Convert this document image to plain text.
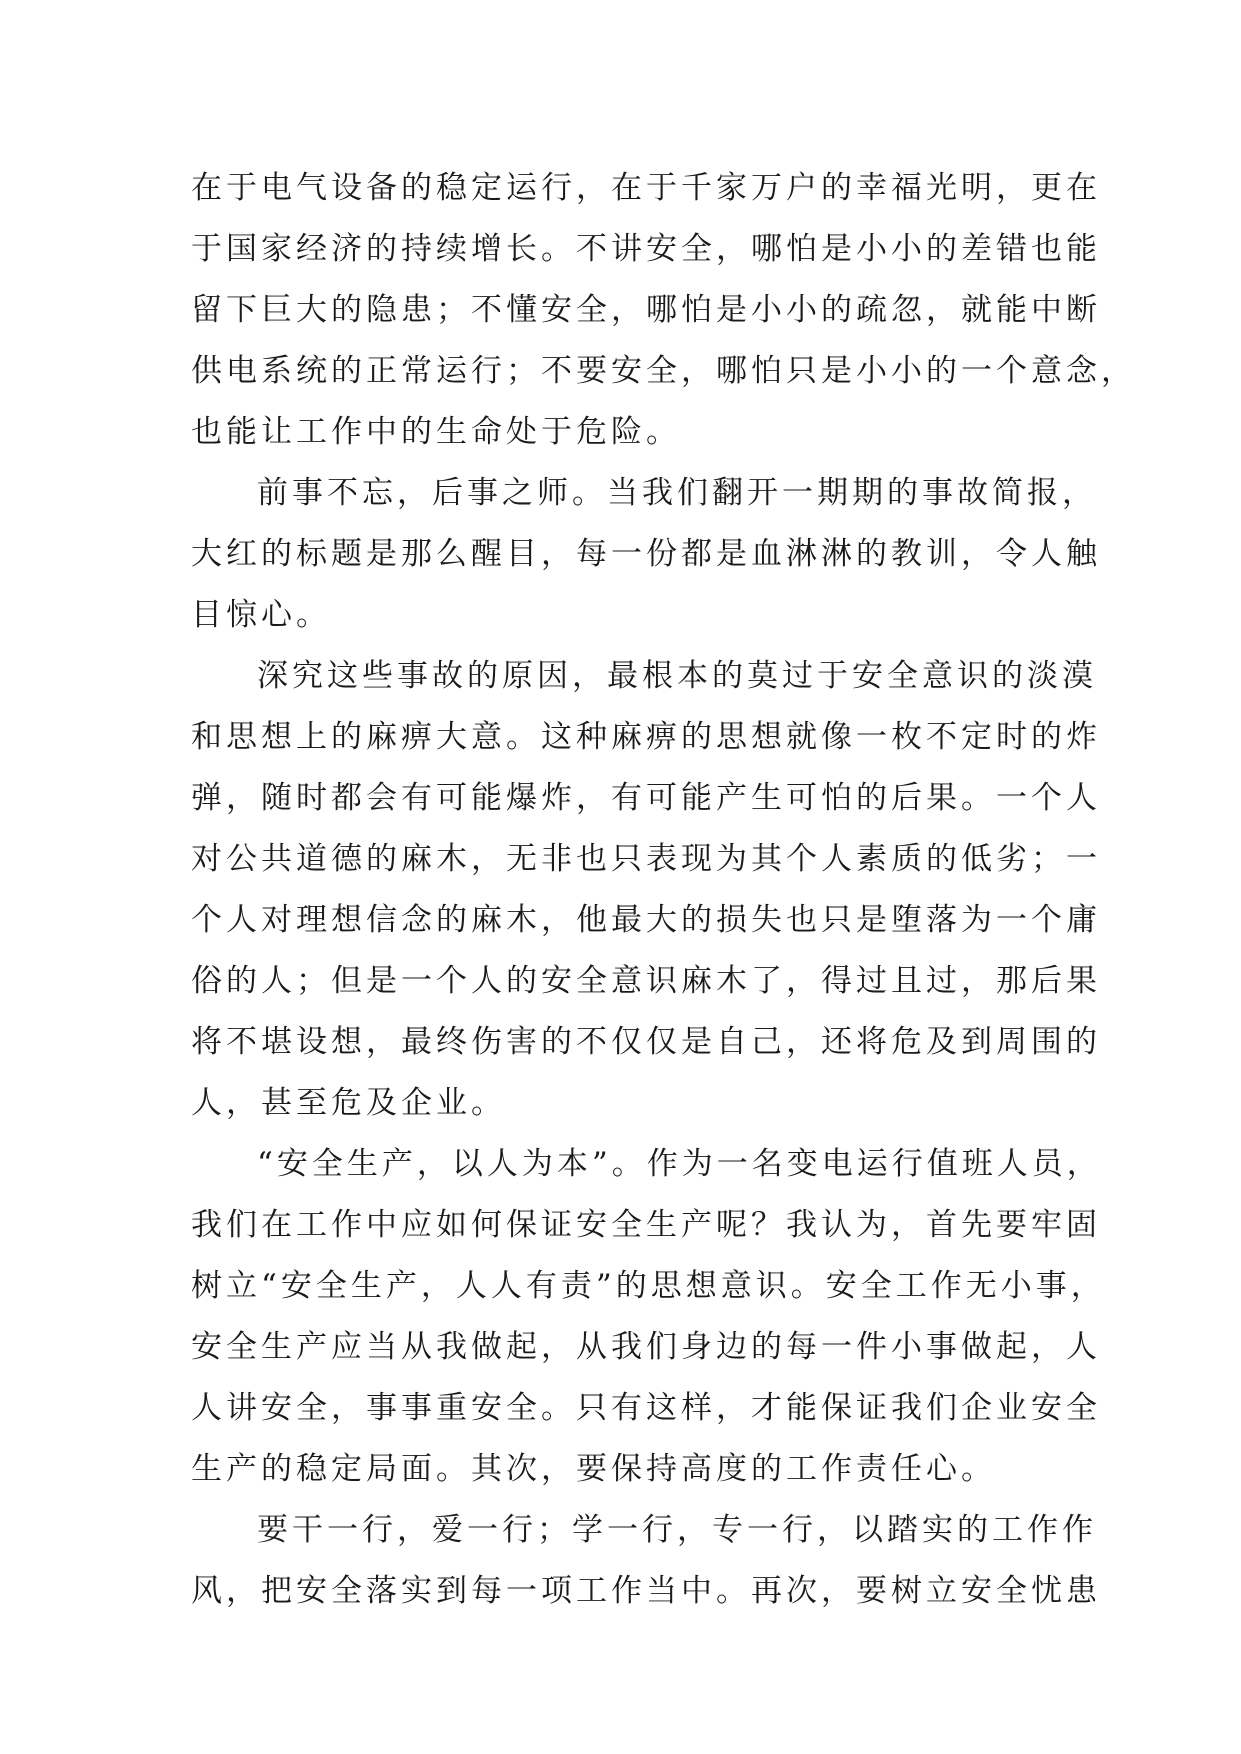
在于电气设备的稳定运行，在于千家万户的幸福光明，更在
于国家经济的持续增长。不讲安全，哪怕是小小的差错也能
留下巨大的隐患；不懂安全，哪怕是小小的疏忽，就能中断
供电系统的正常运行；不要安全，哪怕只是小小的一个意念，
也能让工作中的生命处于危险。
前事不忘，后事之师。当我们翻开一期期的事故简报，
大红的标题是那么醒目，每一份都是血淋淋的教训，令人触
目惊心。
深究这些事故的原因，最根本的莫过于安全意识的淡漠
和思想上的麻痹大意。这种麻痹的思想就像一枚不定时的炸
弹，随时都会有可能爆炸，有可能产生可怕的后果。一个人
对公共道德的麻木，无非也只表现为其个人素质的低劣；一
个人对理想信念的麻木，他最大的损失也只是堕落为一个庸
俗的人；但是一个人的安全意识麻木了，得过且过，那后果
将不堪设想，最终伤害的不仅仅是自己，还将危及到周围的
人，甚至危及企业。
“安全生产，以人为本”。作为一名变电运行值班人员，
我们在工作中应如何保证安全生产呢？我认为，首先要牢固
树立“安全生产，人人有责”的思想意识。安全工作无小事，
安全生产应当从我做起，从我们身边的每一件小事做起，人
人讲安全，事事重安全。只有这样，才能保证我们企业安全
生产的稳定局面。其次，要保持高度的工作责任心。
要干一行，爱一行；学一行，专一行，以踏实的工作作
风，把安全落实到每一项工作当中。再次，要树立安全忧患
